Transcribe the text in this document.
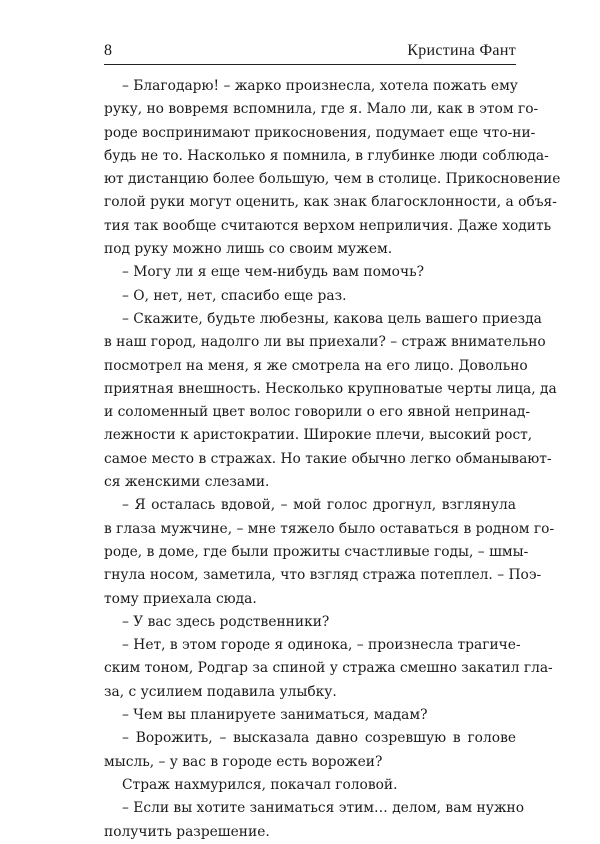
8	Кристина Фант
– Благодарю! – жарко произнесла, хотела пожать ему
руку, но вовремя вспомнила, где я. Мало ли, как в этом го-
роде воспринимают прикосновения, подумает еще что-ни-
будь не то. Насколько я помнила, в глубинке люди соблюда-
ют дистанцию более большую, чем в столице. Прикосновение
голой руки могут оценить, как знак благосклонности, а объя-
тия так вообще считаются верхом неприличия. Даже ходить
под руку можно лишь со своим мужем.
– Могу ли я еще чем-нибудь вам помочь?
– О, нет, нет, спасибо еще раз.
– Скажите, будьте любезны, какова цель вашего приезда
в наш город, надолго ли вы приехали? – страж внимательно
посмотрел на меня, я же смотрела на его лицо. Довольно
приятная внешность. Несколько крупноватые черты лица, да
и соломенный цвет волос говорили о его явной непринад-
лежности к аристократии. Широкие плечи, высокий рост,
самое место в стражах. Но такие обычно легко обманывают-
ся женскими слезами.
– Я осталась вдовой, – мой голос дрогнул, взглянула
в глаза мужчине, – мне тяжело было оставаться в родном го-
роде, в доме, где были прожиты счастливые годы, – шмы-
гнула носом, заметила, что взгляд стража потеплел. – Поэ-
тому приехала сюда.
– У вас здесь родственники?
– Нет, в этом городе я одинока, – произнесла трагиче-
ским тоном, Родгар за спиной у стража смешно закатил гла-
за, с усилием подавила улыбку.
– Чем вы планируете заниматься, мадам?
– Ворожить, – высказала давно созревшую в голове
мысль, – у вас в городе есть ворожеи?
Страж нахмурился, покачал головой.
– Если вы хотите заниматься этим… делом, вам нужно
получить разрешение.
